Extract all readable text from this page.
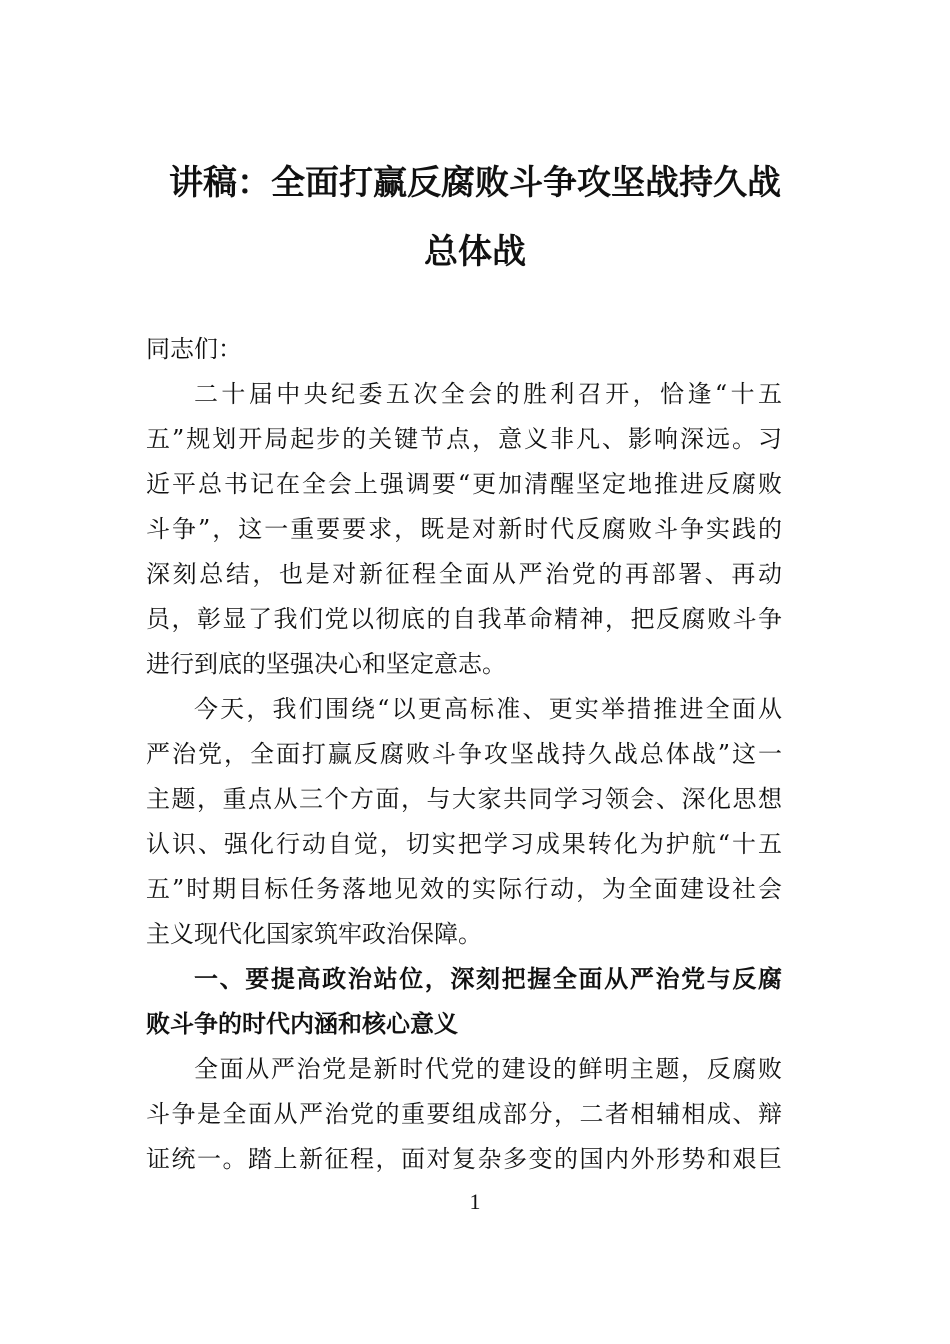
讲稿：全面打赢反腐败斗争攻坚战持久战
总体战

同志们：

二十届中央纪委五次全会的胜利召开，恰逢“十五

五”规划开局起步的关键节点，意义非凡、影响深远。习

近平总书记在全会上强调要“更加清醒坚定地推进反腐败

斗争”，这一重要要求，既是对新时代反腐败斗争实践的

深刻总结，也是对新征程全面从严治党的再部署、再动

员，彰显了我们党以彻底的自我革命精神，把反腐败斗争

进行到底的坚强决心和坚定意志。

今天，我们围绕“以更高标准、更实举措推进全面从

严治党，全面打赢反腐败斗争攻坚战持久战总体战”这一

主题，重点从三个方面，与大家共同学习领会、深化思想

认识、强化行动自觉，切实把学习成果转化为护航“十五

五”时期目标任务落地见效的实际行动，为全面建设社会

主义现代化国家筑牢政治保障。

一、要提高政治站位，深刻把握全面从严治党与反腐
败斗争的时代内涵和核心意义

全面从严治党是新时代党的建设的鲜明主题，反腐败

斗争是全面从严治党的重要组成部分，二者相辅相成、辩

证统一。踏上新征程，面对复杂多变的国内外形势和艰巨

1
